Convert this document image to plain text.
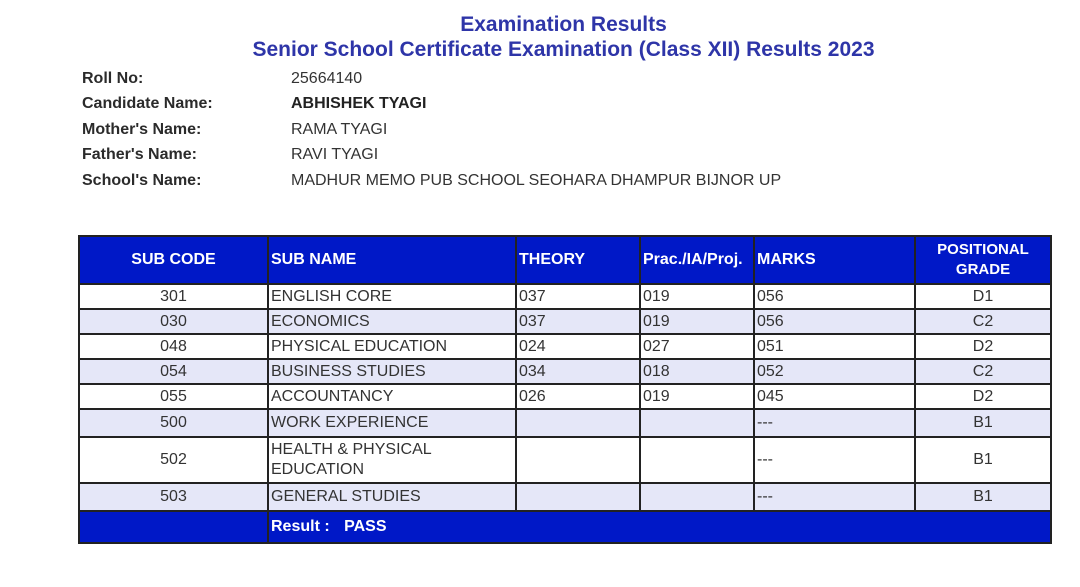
Examination Results
Senior School Certificate Examination (Class XII) Results 2023
Roll No:	25664140
Candidate Name:	ABHISHEK TYAGI
Mother's Name:	RAMA TYAGI
Father's Name:	RAVI TYAGI
School's Name:	MADHUR MEMO PUB SCHOOL SEOHARA DHAMPUR BIJNOR UP
SUB CODE	SUB NAME	THEORY	Prac./IA/Proj.	MARKS	POSITIONAL
GRADE
301	ENGLISH CORE	037	019	056	D1
030	ECONOMICS	037	019	056	C2
048	PHYSICAL EDUCATION	024	027	051	D2
054	BUSINESS STUDIES	034	018	052	C2
055	ACCOUNTANCY	026	019	045	D2
500	WORK EXPERIENCE			---	B1
502	HEALTH & PHYSICAL EDUCATION			---	B1
503	GENERAL STUDIES			---	B1
	Result : PASS				
